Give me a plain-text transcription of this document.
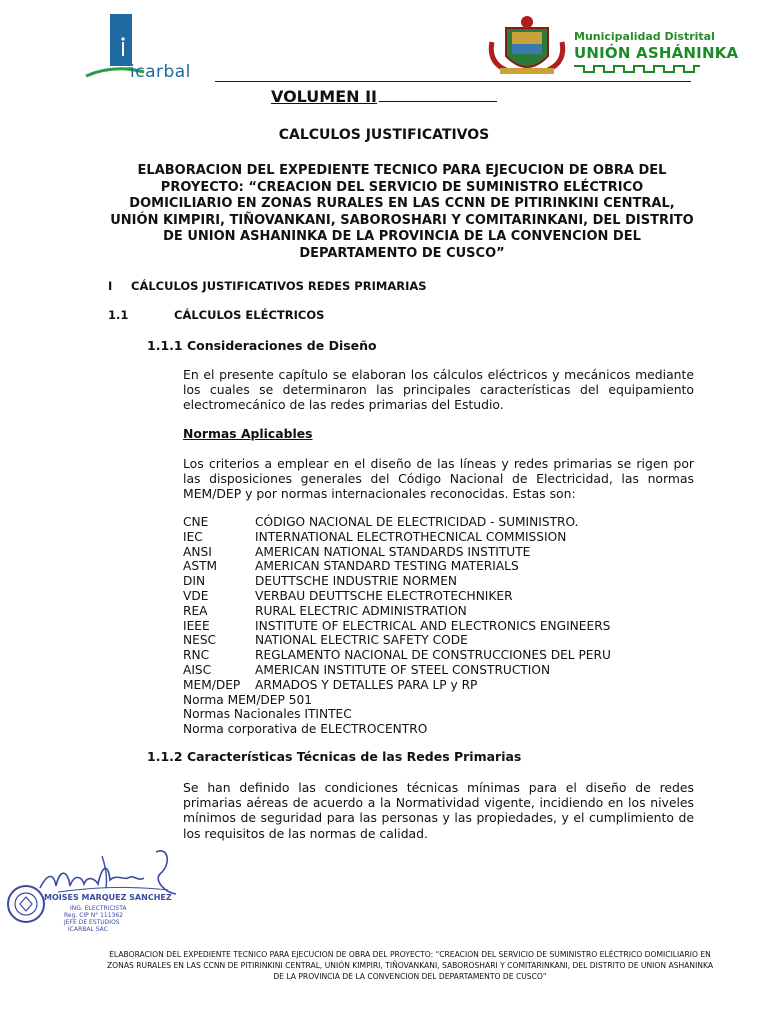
icarbal
Municipalidad Distrital
UNIÓN ASHÁNINKA
VOLUMEN II
CALCULOS JUSTIFICATIVOS
ELABORACION DEL EXPEDIENTE TECNICO PARA EJECUCION DE OBRA DEL PROYECTO: “CREACION DEL SERVICIO DE SUMINISTRO ELÉCTRICO DOMICILIARIO EN ZONAS RURALES EN LAS CCNN DE PITIRINKINI CENTRAL, UNIÓN KIMPIRI, TIÑOVANKANI, SABOROSHARI Y COMITARINKANI, DEL DISTRITO DE UNION ASHANINKA DE LA PROVINCIA DE LA CONVENCION DEL DEPARTAMENTO DE CUSCO”
I CÁLCULOS JUSTIFICATIVOS REDES PRIMARIAS
1.1	CÁLCULOS ELÉCTRICOS
1.1.1 Consideraciones de Diseño
En el presente capítulo se elaboran los cálculos eléctricos y mecánicos mediante los cuales se determinaron las principales características del equipamiento electromecánico de las redes primarias del Estudio.
Normas Aplicables
Los criterios a emplear en el diseño de las líneas y redes primarias se rigen por las disposiciones generales del Código Nacional de Electricidad, las normas MEM/DEP y por normas internacionales reconocidas. Estas son:
CNE	CÓDIGO NACIONAL DE ELECTRICIDAD - SUMINISTRO.
IEC	INTERNATIONAL ELECTROTHECNICAL COMMISSION
ANSI	AMERICAN NATIONAL STANDARDS INSTITUTE
ASTM	AMERICAN STANDARD TESTING MATERIALS
DIN	DEUTTSCHE INDUSTRIE NORMEN
VDE	VERBAU DEUTTSCHE ELECTROTECHNIKER
REA	RURAL ELECTRIC ADMINISTRATION
IEEE	INSTITUTE OF ELECTRICAL AND ELECTRONICS ENGINEERS
NESC	NATIONAL ELECTRIC SAFETY CODE
RNC	REGLAMENTO NACIONAL DE CONSTRUCCIONES DEL PERU
AISC	AMERICAN INSTITUTE OF STEEL CONSTRUCTION
MEM/DEP	ARMADOS Y DETALLES PARA LP y RP
Norma MEM/DEP 501
Normas Nacionales ITINTEC
Norma corporativa de ELECTROCENTRO
1.1.2 Características Técnicas de las Redes Primarias
Se han definido las condiciones técnicas mínimas para el diseño de redes primarias aéreas de acuerdo a la Normatividad vigente, incidiendo en los niveles mínimos de seguridad para las personas y las propiedades, y el cumplimiento de los requisitos de las normas de calidad.
MOISES MARQUEZ SANCHEZ
ING. ELECTRICISTA
Reg. CIP N° 111362
JEFE DE ESTUDIOS
ICARBAL SAC
ELABORACION DEL EXPEDIENTE TECNICO PARA EJECUCION DE OBRA DEL PROYECTO: “CREACION DEL SERVICIO DE SUMINISTRO ELÉCTRICO DOMICILIARIO EN ZONAS RURALES EN LAS CCNN DE PITIRINKINI CENTRAL, UNIÓN KIMPIRI, TIÑOVANKANI, SABOROSHARI Y COMITARINKANI, DEL DISTRITO DE UNION ASHANINKA DE LA PROVINCIA DE LA CONVENCION DEL DEPARTAMENTO DE CUSCO”
